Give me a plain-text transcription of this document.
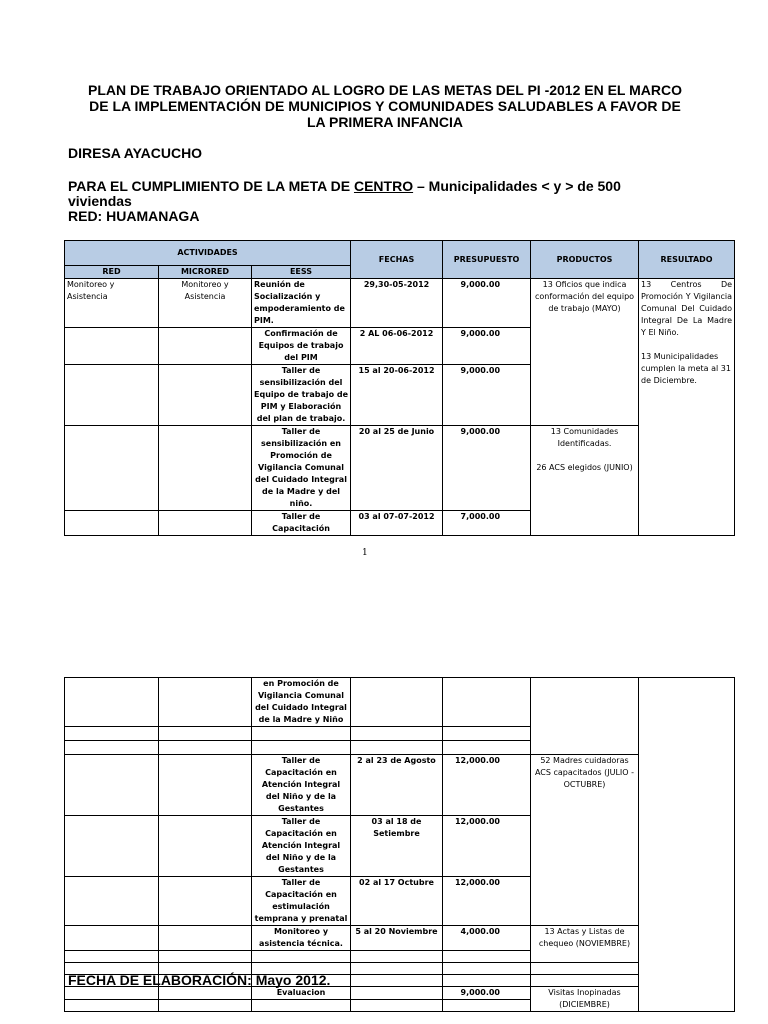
PLAN DE TRABAJO ORIENTADO AL LOGRO DE LAS METAS DEL PI -2012 EN EL MARCO
DE LA IMPLEMENTACIÓN DE MUNICIPIOS Y COMUNIDADES SALUDABLES A FAVOR DE
LA PRIMERA INFANCIA
DIRESA AYACUCHO
PARA EL CUMPLIMIENTO DE LA META DE CENTRO – Municipalidades < y > de 500
viviendas
RED: HUAMANAGA
ACTIVIDADES			FECHAS	PRESUPUESTO	PRODUCTOS	RESULTADO
RED	MICRORED	EESS				
Monitoreo y Asistencia	Monitoreo y Asistencia	Reunión de Socialización y empoderamiento de PIM.	29,30-05-2012	9,000.00	13 Oficios que indica conformación del equipo de trabajo (MAYO)	13 Centros De Promoción Y Vigilancia Comunal Del Cuidado Integral De La Madre Y El Niño.
13 Municipalidades cumplen la meta al 31 de Diciembre.

		Confirmación de Equipos de trabajo del PIM	2 AL 06-06-2012	9,000.00		
		Taller de sensibilización del Equipo de trabajo de PIM y Elaboración del plan de trabajo.	15 al 20-06-2012	9,000.00		
		Taller de sensibilización en Promoción de Vigilancia Comunal del Cuidado Integral de la Madre y del niño.	20 al 25 de Junio	9,000.00	13 Comunidades Identificadas.
26 ACS elegidos (JUNIO)	

		Taller de Capacitación	03 al 07-07-2012	7,000.00		
1
		en Promoción de Vigilancia Comunal del Cuidado Integral de la Madre y Niño				

		Taller de Capacitación en Atención Integral del Niño y de la Gestantes	2 al 23 de Agosto	12,000.00	52 Madres cuidadoras ACS capacitados (JULIO - OCTUBRE)	
		Taller de Capacitación en Atención Integral del Niño y de la Gestantes	03 al 18 de Setiembre	12,000.00		
		Taller de Capacitación en estimulación temprana y prenatal	02 al 17 Octubre	12,000.00		
		Monitoreo y asistencia técnica.	5 al 20 Noviembre	4,000.00	13 Actas y Listas de chequeo (NOVIEMBRE)	

		Evaluacion		9,000.00	Visitas Inopinadas (DICIEMBRE)	

FECHA DE ELABORACIÓN: Mayo 2012.
